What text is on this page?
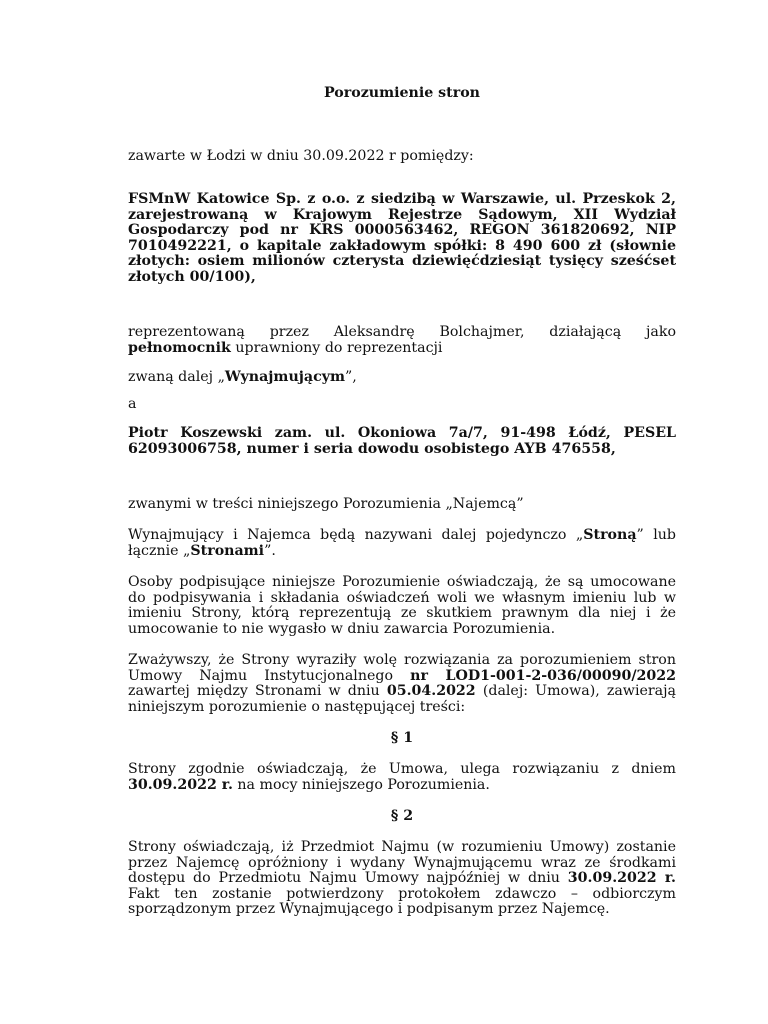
Porozumienie stron
zawarte w Łodzi w dniu 30.09.2022 r pomiędzy:
FSMnW Katowice Sp. z o.o. z siedzibą w Warszawie, ul. Przeskok 2, zarejestrowaną w Krajowym Rejestrze Sądowym, XII Wydział Gospodarczy pod nr KRS 0000563462, REGON 361820692, NIP 7010492221, o kapitale zakładowym spółki: 8 490 600 zł (słownie złotych: osiem milionów czterysta dziewięćdziesiąt tysięcy sześćset złotych 00/100),
reprezentowaną przez Aleksandrę Bolchajmer, działającą jako pełnomocnik uprawniony do reprezentacji
zwaną dalej „Wynajmującym”,
a
Piotr Koszewski zam. ul. Okoniowa 7a/7, 91-498 Łódź, PESEL 62093006758, numer i seria dowodu osobistego AYB 476558,
zwanymi w treści niniejszego Porozumienia „Najemcą”
Wynajmujący i Najemca będą nazywani dalej pojedynczo „Stroną” lub łącznie „Stronami”.
Osoby podpisujące niniejsze Porozumienie oświadczają, że są umocowane do podpisywania i składania oświadczeń woli we własnym imieniu lub w imieniu Strony, którą reprezentują ze skutkiem prawnym dla niej i że umocowanie to nie wygasło w dniu zawarcia Porozumienia.
Zważywszy, że Strony wyraziły wolę rozwiązania za porozumieniem stron Umowy Najmu Instytucjonalnego nr LOD1-001-2-036/00090/2022 zawartej między Stronami w dniu 05.04.2022 (dalej: Umowa), zawierają niniejszym porozumienie o następującej treści:
§ 1
Strony zgodnie oświadczają, że Umowa, ulega rozwiązaniu z dniem 30.09.2022 r. na mocy niniejszego Porozumienia.
§ 2
Strony oświadczają, iż Przedmiot Najmu (w rozumieniu Umowy) zostanie przez Najemcę opróżniony i wydany Wynajmującemu wraz ze środkami dostępu do Przedmiotu Najmu Umowy najpóźniej w dniu 30.09.2022 r. Fakt ten zostanie potwierdzony protokołem zdawczo – odbiorczym sporządzonym przez Wynajmującego i podpisanym przez Najemcę.
